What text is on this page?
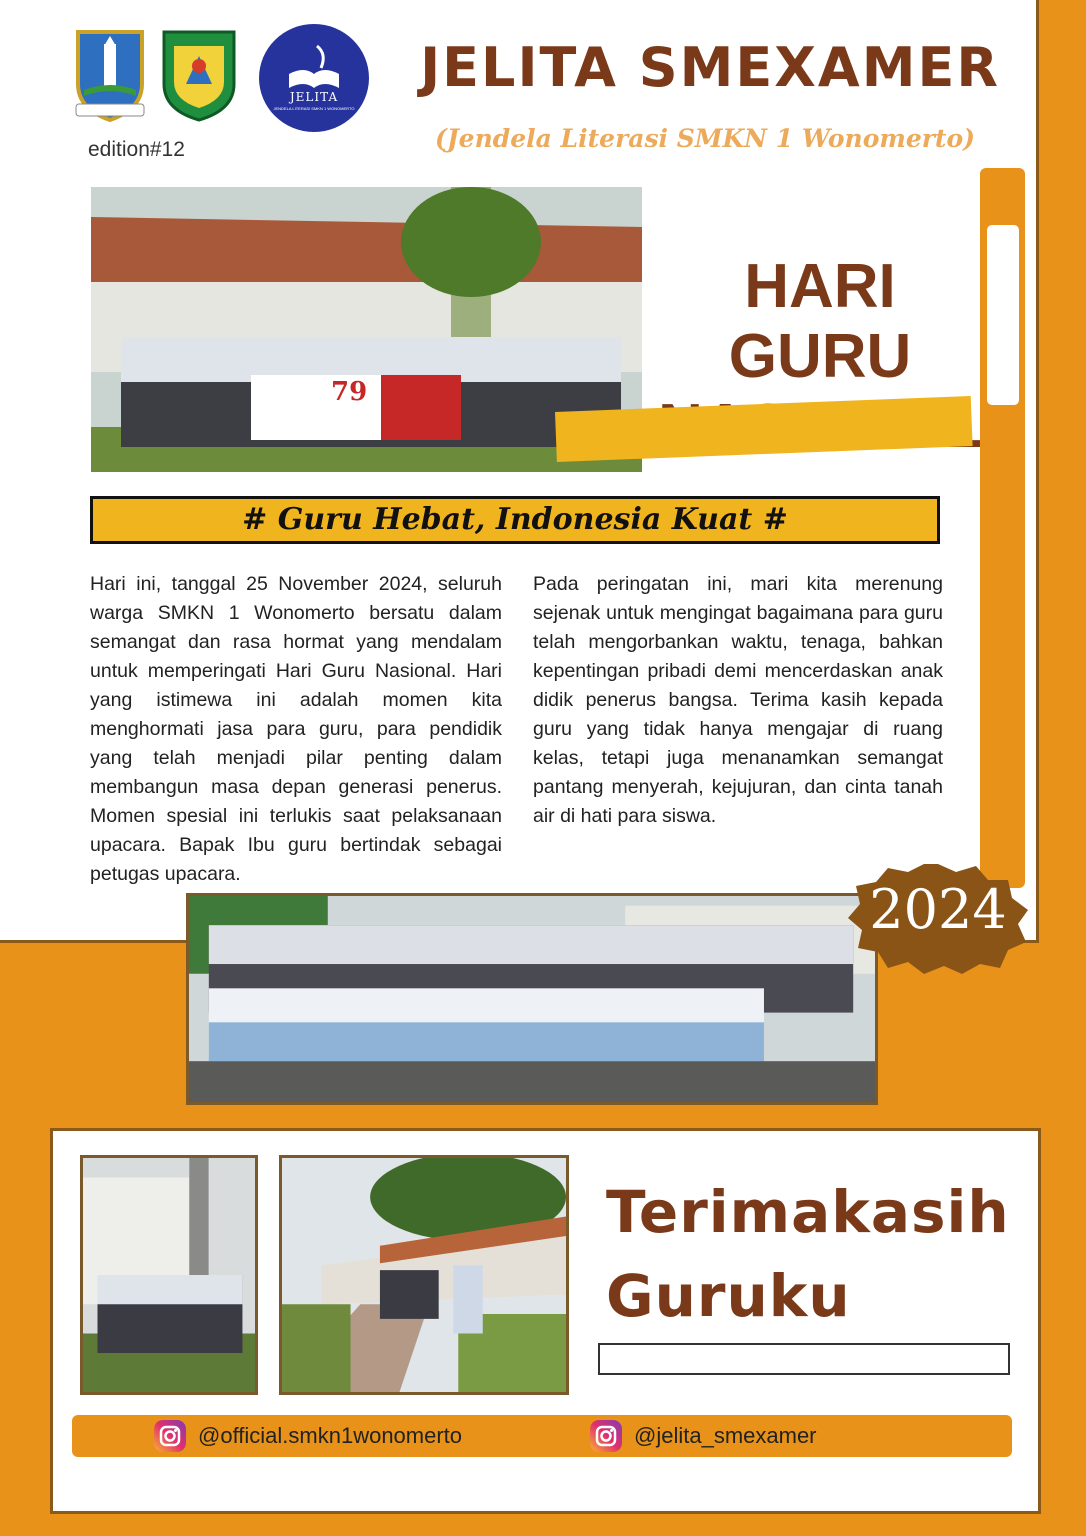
JELITA
JENDELA LITERASI SMKN 1 WONOMERTO
edition#12
JELITA SMEXAMER
(Jendela Literasi SMKN 1 Wonomerto)
79
HARI GURU
# Guru Hebat, Indonesia Kuat #
Hari ini, tanggal 25 November 2024, seluruh warga SMKN 1 Wonomerto bersatu dalam semangat dan rasa hormat yang mendalam untuk memperingati Hari Guru Nasional. Hari yang istimewa ini adalah momen kita menghormati jasa para guru, para pendidik yang telah menjadi pilar penting dalam membangun masa depan generasi penerus. Momen spesial ini terlukis saat pelaksanaan upacara. Bapak Ibu guru bertindak sebagai petugas upacara.
Pada peringatan ini, mari kita merenung sejenak untuk mengingat bagaimana para guru telah mengorbankan waktu, tenaga, bahkan kepentingan pribadi demi mencerdaskan anak didik penerus bangsa. Terima kasih kepada guru yang tidak hanya mengajar di ruang kelas, tetapi juga menanamkan semangat pantang menyerah, kejujuran, dan cinta tanah air di hati para siswa.
2024
Terimakasih
Guruku
@official.smkn1wonomerto	@jelita_smexamer
